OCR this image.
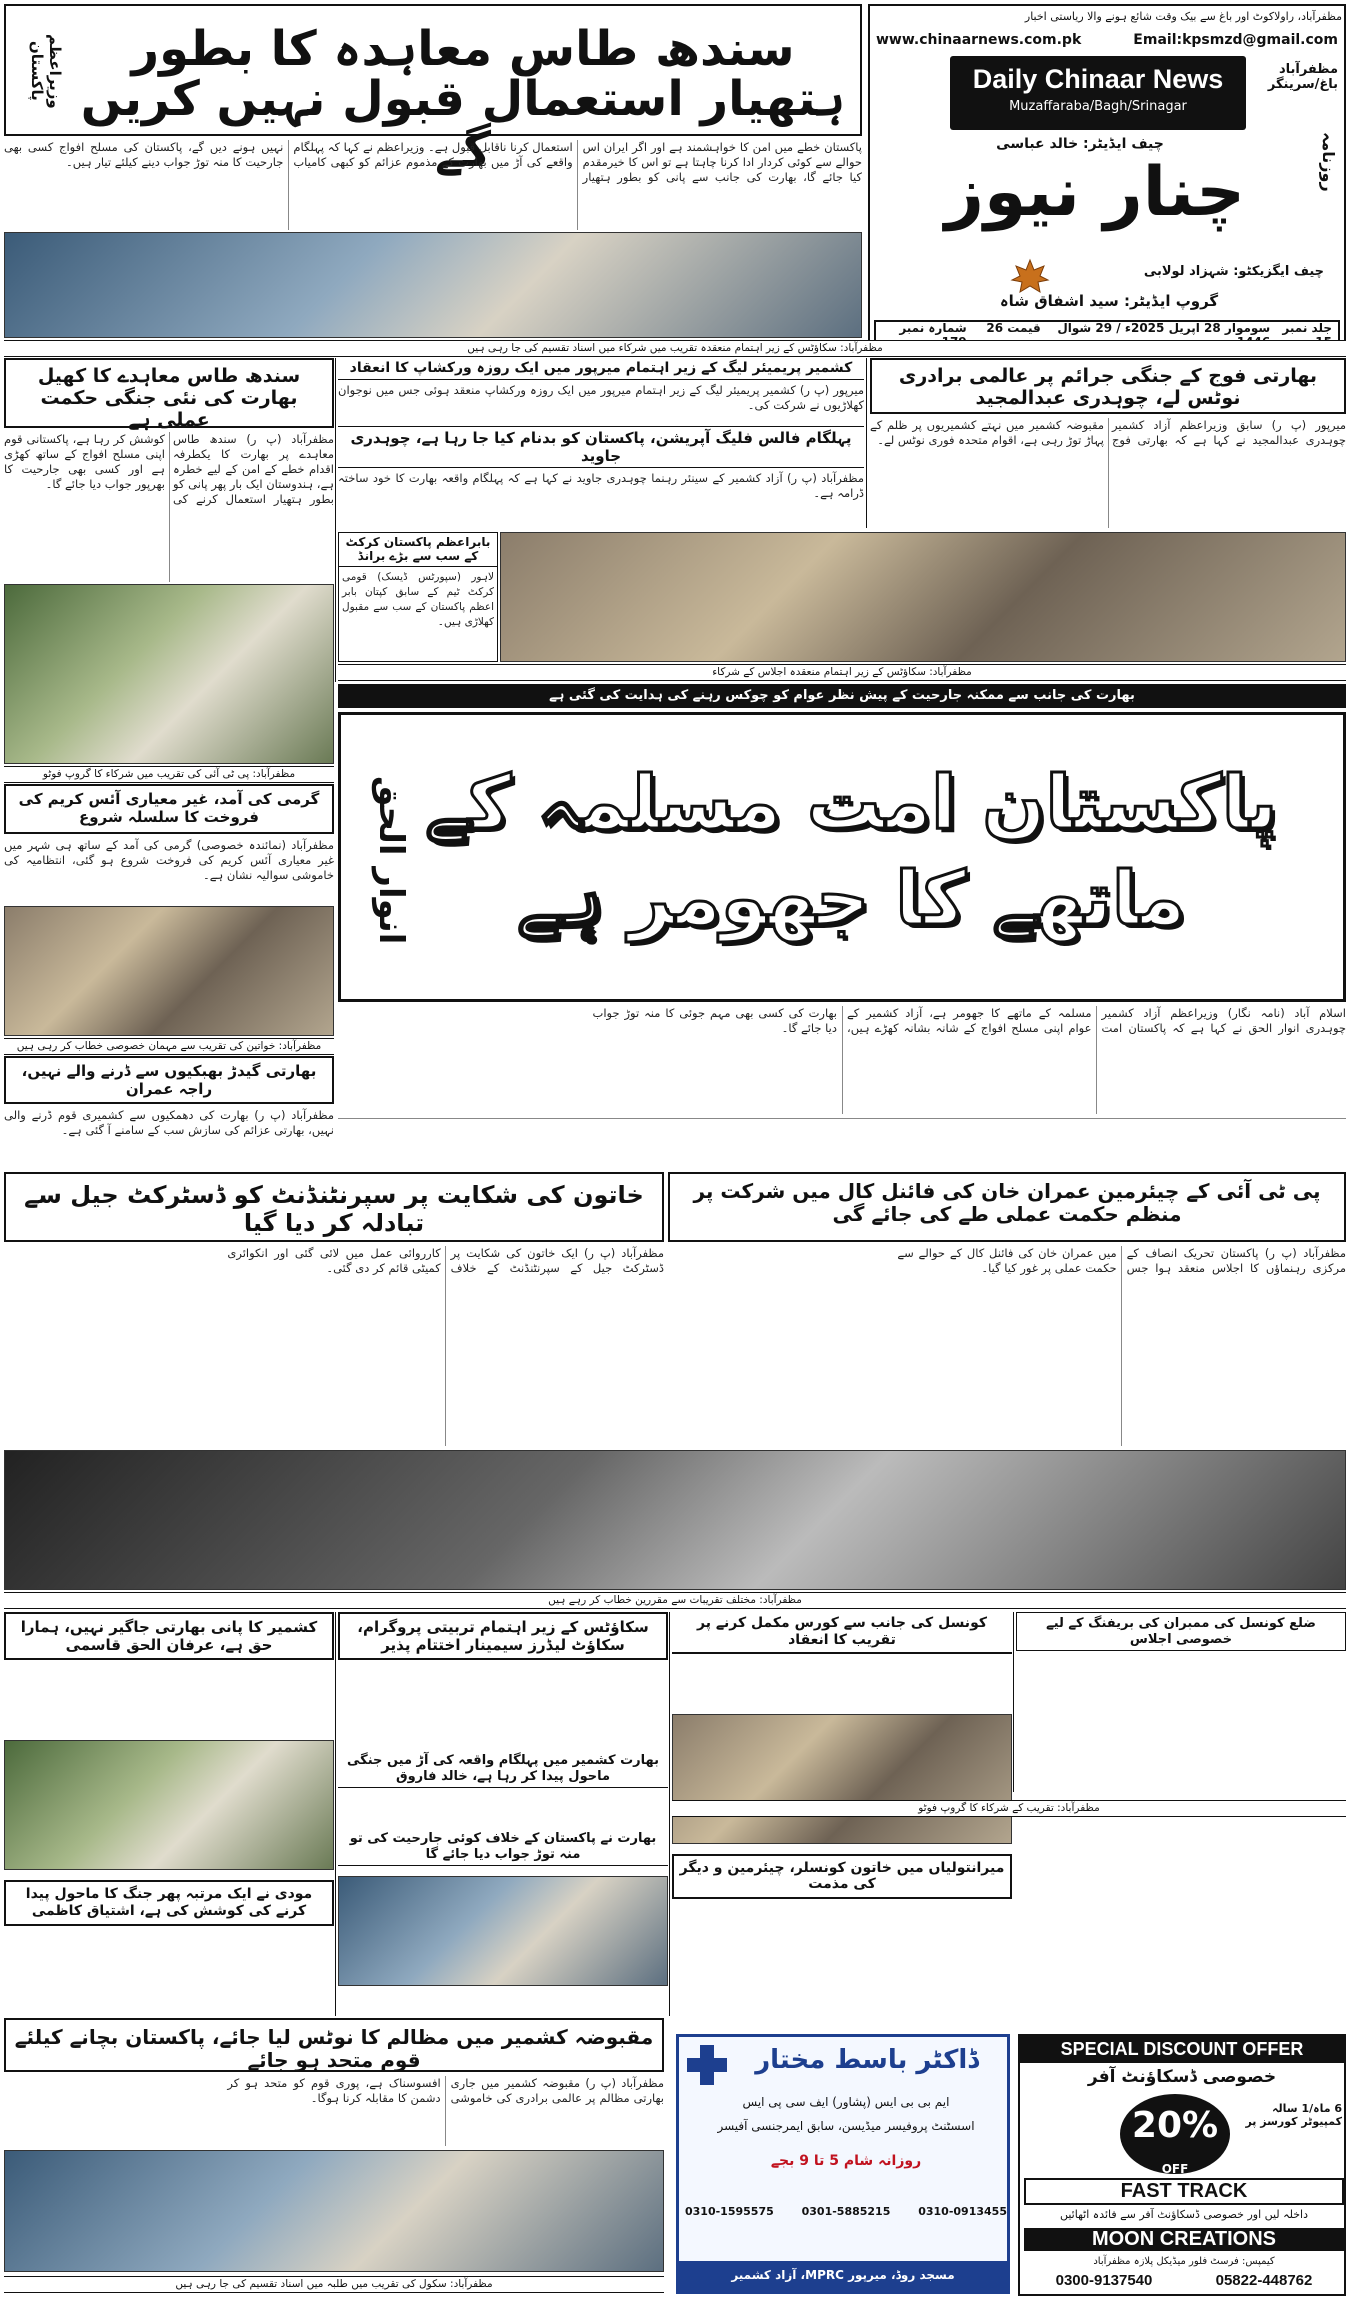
مظفرآباد، راولاکوٹ اور باغ سے بیک وقت شائع ہونے والا ریاستی اخبار
www.chinaarnews.com.pk	Email:kpsmzd@gmail.com
Daily Chinaar News
Muzaffaraba/Bagh/Srinagar
مظفرآباد
باغ/سرینگر
روزنامہ
چیف ایڈیٹر: خالد عباسی
چنار نیوز
چیف ایگزیکٹو: شہزاد لولابی
گروپ ایڈیٹر: سید اشفاق شاہ
جلد نمبر
سوموار 28 اپریل 2025ء / 29 شوال
قیمت 26
شمارہ نمبر
سندھ طاس معاہدہ کا بطور ہتھیار استعمال قبول نہیں کریں گے
وزیراعظم پاکستان
پاکستان خطے میں امن کا خواہشمند ہے اور اگر ایران اس حوالے سے کوئی کردار ادا کرنا چاہتا ہے تو اس کا خیرمقدم کیا جائے گا، بھارت کی جانب سے پانی کو بطور ہتھیار استعمال کرنا ناقابل قبول ہے۔ وزیراعظم نے کہا کہ پہلگام واقعے کی آڑ میں بھارت کے مذموم عزائم کو کبھی کامیاب نہیں ہونے دیں گے، پاکستان کی مسلح افواج کسی بھی جارحیت کا منہ توڑ جواب دینے کیلئے تیار ہیں۔
مظفرآباد: سکاؤٹس کے زیر اہتمام منعقدہ تقریب میں شرکاء میں اسناد تقسیم کی جا رہی ہیں
بھارتی فوج کے جنگی جرائم پر عالمی برادری نوٹس لے، چوہدری عبدالمجید
میرپور (پ ر) سابق وزیراعظم آزاد کشمیر چوہدری عبدالمجید نے کہا ہے کہ بھارتی فوج مقبوضہ کشمیر میں نہتے کشمیریوں پر ظلم کے پہاڑ توڑ رہی ہے، اقوام متحدہ فوری نوٹس لے۔
کشمیر پریمیئر لیگ کے زیر اہتمام میرپور میں ایک روزہ ورکشاپ کا انعقاد
میرپور (پ ر) کشمیر پریمیئر لیگ کے زیر اہتمام میرپور میں ایک روزہ ورکشاپ منعقد ہوئی جس میں نوجوان کھلاڑیوں نے شرکت کی۔
پہلگام فالس فلیگ آپریشن، پاکستان کو بدنام کیا جا رہا ہے، چوہدری جاوید
مظفرآباد (پ ر) آزاد کشمیر کے سینئر رہنما چوہدری جاوید نے کہا ہے کہ پہلگام واقعہ بھارت کا خود ساختہ ڈرامہ ہے۔
بابراعظم پاکستان کرکٹ کے سب سے بڑے برانڈ
لاہور (سپورٹس ڈیسک) قومی کرکٹ ٹیم کے سابق کپتان بابر اعظم پاکستان کے سب سے مقبول کھلاڑی ہیں۔
سندھ طاس معاہدے کا کھیل بھارت کی نئی جنگی حکمت عملی ہے
مظفرآباد (پ ر) سندھ طاس معاہدے پر بھارت کا یکطرفہ اقدام خطے کے امن کے لیے خطرہ ہے، ہندوستان ایک بار پھر پانی کو بطور ہتھیار استعمال کرنے کی کوشش کر رہا ہے، پاکستانی قوم اپنی مسلح افواج کے ساتھ کھڑی ہے اور کسی بھی جارحیت کا بھرپور جواب دیا جائے گا۔
مظفرآباد: پی ٹی آئی کی تقریب میں شرکاء کا گروپ فوٹو
مظفرآباد: سکاؤٹس کے زیر اہتمام منعقدہ اجلاس کے شرکاء
بھارت کی جانب سے ممکنہ جارحیت کے پیش نظر عوام کو چوکس رہنے کی ہدایت کی گئی ہے
پاکستان امت مسلمہ کے ماتھے کا جھومر ہے
انوار الحق
اسلام آباد (نامہ نگار) وزیراعظم آزاد کشمیر چوہدری انوار الحق نے کہا ہے کہ پاکستان امت مسلمہ کے ماتھے کا جھومر ہے، آزاد کشمیر کے عوام اپنی مسلح افواج کے شانہ بشانہ کھڑے ہیں، بھارت کی کسی بھی مہم جوئی کا منہ توڑ جواب دیا جائے گا۔
گرمی کی آمد، غیر معیاری آئس کریم کی فروخت کا سلسلہ شروع
مظفرآباد (نمائندہ خصوصی) گرمی کی آمد کے ساتھ ہی شہر میں غیر معیاری آئس کریم کی فروخت شروع ہو گئی، انتظامیہ کی خاموشی سوالیہ نشان ہے۔
مظفرآباد: خواتین کی تقریب سے مہمان خصوصی خطاب کر رہی ہیں
بھارتی گیدڑ بھبکیوں سے ڈرنے والے نہیں، راجہ عمران
مظفرآباد (پ ر) بھارت کی دھمکیوں سے کشمیری قوم ڈرنے والی نہیں، بھارتی عزائم کی سازش سب کے سامنے آ گئی ہے۔
خاتون کی شکایت پر سپرنٹنڈنٹ کو ڈسٹرکٹ جیل سے تبادلہ کر دیا گیا
پی ٹی آئی کے چیئرمین عمران خان کی فائنل کال میں شرکت پر منظم حکمت عملی طے کی جائے گی
مظفرآباد (پ ر) ایک خاتون کی شکایت پر ڈسٹرکٹ جیل کے سپرنٹنڈنٹ کے خلاف کارروائی عمل میں لائی گئی اور انکوائری کمیٹی قائم کر دی گئی۔
مظفرآباد (پ ر) پاکستان تحریک انصاف کے مرکزی رہنماؤں کا اجلاس منعقد ہوا جس میں عمران خان کی فائنل کال کے حوالے سے حکمت عملی پر غور کیا گیا۔
مظفرآباد: مختلف تقریبات سے مقررین خطاب کر رہے ہیں
کشمیر کا پانی بھارتی جاگیر نہیں، ہمارا حق ہے، عرفان الحق قاسمی
مودی نے ایک مرتبہ پھر جنگ کا ماحول پیدا کرنے کی کوشش کی ہے، اشتیاق کاظمی
سکاؤٹس کے زیر اہتمام تربیتی پروگرام، سکاؤٹ لیڈرز سیمینار اختتام پذیر
بھارت کشمیر میں پہلگام واقعہ کی آڑ میں جنگی ماحول پیدا کر رہا ہے، خالد فاروق
بھارت نے پاکستان کے خلاف کوئی جارحیت کی تو منہ توڑ جواب دیا جائے گا
کونسل کی جانب سے کورس مکمل کرنے پر تقریب کا انعقاد
میرانتولیاں میں خاتون کونسلر، چیئرمین و دیگر کی مذمت
ضلع کونسل کی ممبران کی بریفنگ کے لیے خصوصی اجلاس
مظفرآباد: تقریب کے شرکاء کا گروپ فوٹو
مقبوضہ کشمیر میں مظالم کا نوٹس لیا جائے، پاکستان بچانے کیلئے قوم متحد ہو جائے
مظفرآباد (پ ر) مقبوضہ کشمیر میں جاری بھارتی مظالم پر عالمی برادری کی خاموشی افسوسناک ہے، پوری قوم کو متحد ہو کر دشمن کا مقابلہ کرنا ہوگا۔
مظفرآباد: سکول کی تقریب میں طلبہ میں اسناد تقسیم کی جا رہی ہیں
ڈاکٹر باسط مختار
ایم بی بی ایس (پشاور) ایف سی پی ایس
اسسٹنٹ پروفیسر میڈیسن، سابق ایمرجنسی آفیسر
روزانہ شام 5 تا 9 بجے
0310-1595575	0301-5885215	0310-0913455
مسجد روڈ، میرپور MPRC، آزاد کشمیر
SPECIAL DISCOUNT OFFER
خصوصی ڈسکاؤنٹ آفر
20% OFF
6 ماہ/1 سالہ کمپیوٹر کورسز پر
FAST TRACK
داخلہ لیں اور خصوصی ڈسکاؤنٹ آفر سے فائدہ اٹھائیں
MOON CREATIONS
کیمپس: فرسٹ فلور میڈیکل پلازہ مظفرآباد
0300-9137540	05822-448762
